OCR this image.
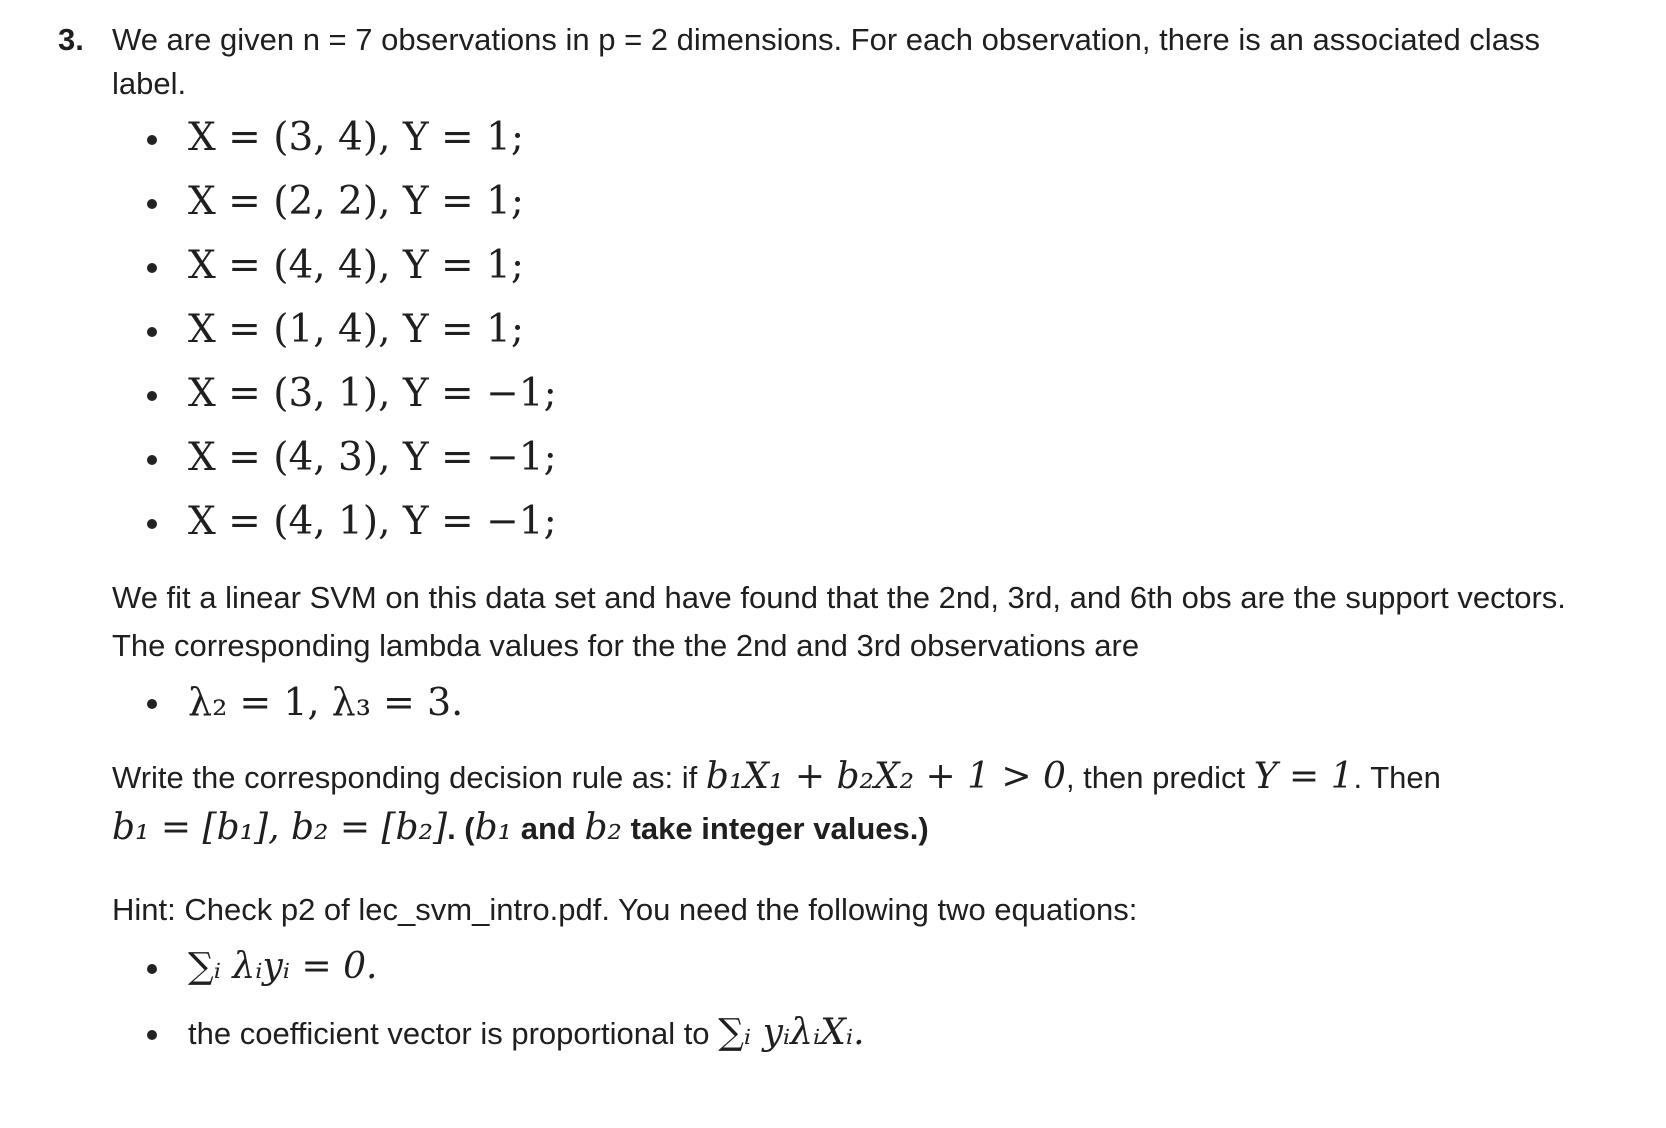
3. We are given n = 7 observations in p = 2 dimensions. For each observation, there is an associated class label.
X = (3, 4), Y = 1;
X = (2, 2), Y = 1;
X = (4, 4), Y = 1;
X = (1, 4), Y = 1;
X = (3, 1), Y = −1;
X = (4, 3), Y = −1;
X = (4, 1), Y = −1;
We fit a linear SVM on this data set and have found that the 2nd, 3rd, and 6th obs are the support vectors. The corresponding lambda values for the the 2nd and 3rd observations are
λ₂ = 1, λ₃ = 3.
Write the corresponding decision rule as: if b₁X₁ + b₂X₂ + 1 > 0, then predict Y = 1. Then
b₁ = [b₁], b₂ = [b₂]. (b₁ and b₂ take integer values.)
Hint: Check p2 of lec_svm_intro.pdf. You need the following two equations:
∑ᵢ λᵢyᵢ = 0.
the coefficient vector is proportional to ∑ᵢ yᵢλᵢXᵢ.
